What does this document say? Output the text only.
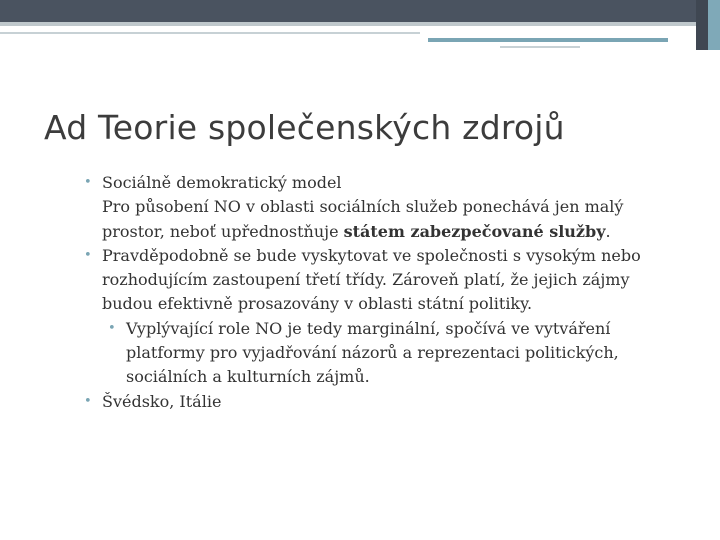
Ad Teorie společenských zdrojů
• Sociálně demokratický model
Pro působení NO v oblasti sociálních služeb ponechává jen malý prostor, neboť upřednostňuje státem zabezpečované služby.
• Pravděpodobně se bude vyskytovat ve společnosti s vysokým nebo rozhodujícím zastoupení třetí třídy. Zároveň platí, že jejich zájmy budou efektivně prosazovány v oblasti státní politiky.
• Vyplývající role NO je tedy marginální, spočívá ve vytváření platformy pro vyjadřování názorů a reprezentaci politických, sociálních a kulturních zájmů.
• Švédsko, Itálie
